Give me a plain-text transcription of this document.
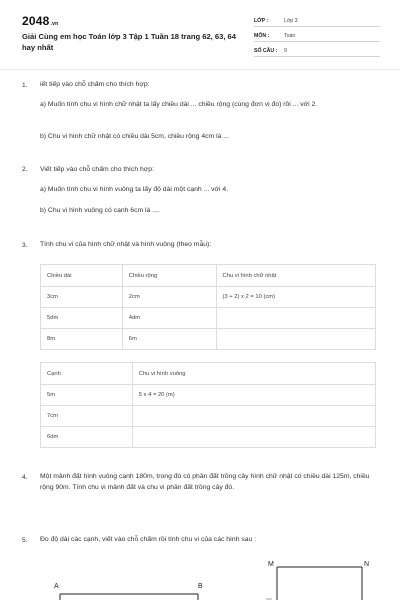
2048.vn
Giải Cùng em học Toán lớp 3 Tập 1 Tuần 18 trang 62, 63, 64 hay nhất
LỚP :	Lớp 3
MÔN :	Toán
SỐ CÂU : 9
1. iết tiếp vào chỗ chấm cho thích hợp:
a) Muốn tính chu vi hình chữ nhật ta lấy chiều dài ... chiều rộng (cùng đơn vị đo) rồi ... với 2.
b) Chu vi hình chữ nhật có chiều dài 5cm, chiều rộng 4cm là ...
2. Viết tiếp vào chỗ chấm cho thích hợp:
a) Muốn tính chu vi hình vuông ta lấy độ dài một cạnh ... với 4.
b) Chu vi hình vuông có cạnh 6cm là ....
3. Tính chu vi của hình chữ nhật và hình vuông (theo mẫu):
Chiều dài	Chiều rộng	Chu vi hình chữ nhật
3cm	2cm	(3 + 2) x 2 = 10 (cm)
5dm	4dm	
8m	6m	
Cạnh	Chu vi hình vuông
5m	5 x 4 = 20 (m)
7cm	
6dm	
4. Một mảnh đất hình vuông cạnh 180m, trong đó có phần đất trồng cây hình chữ nhật có chiều dài 125m, chiều rộng 90m. Tính chu vi mảnh đất và chu vi phần đất trồng cây đó.
5. Đo độ dài các cạnh, viết vào chỗ chấm rồi tính chu vi của các hình sau :
A	B
M	N
